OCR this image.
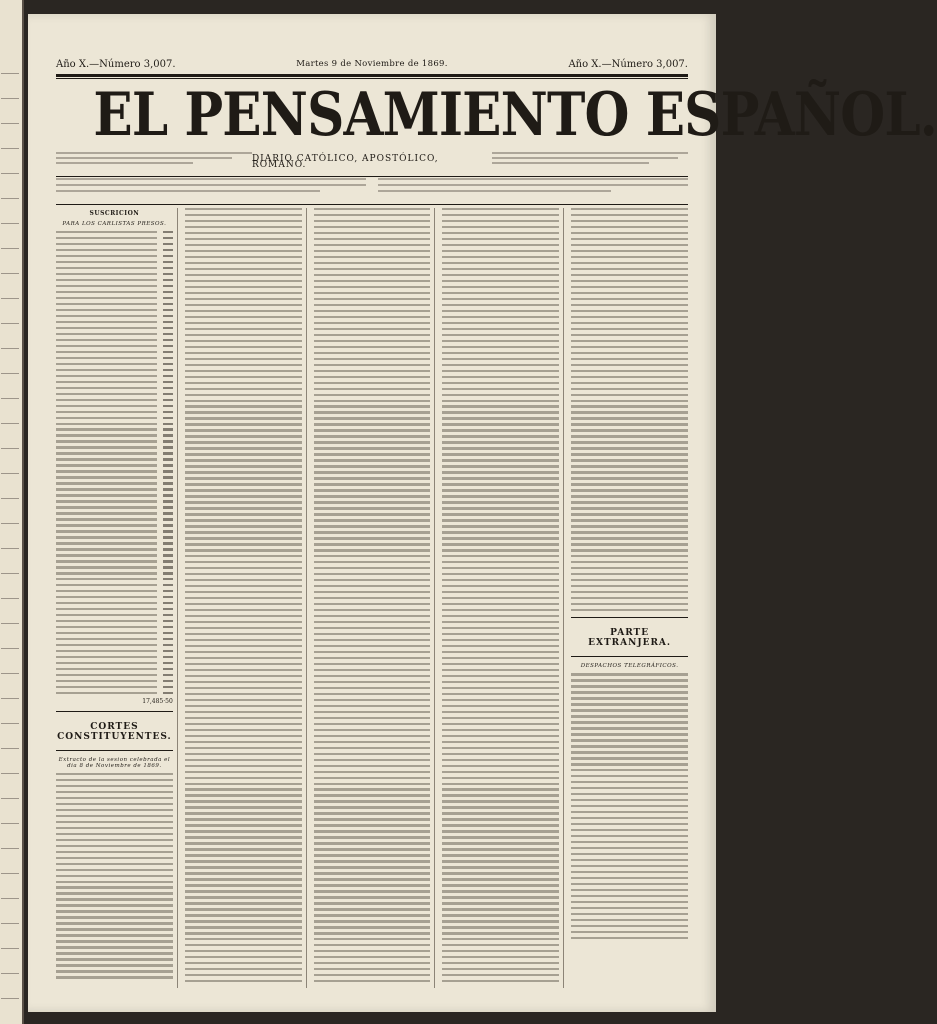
Año X.—Número 3,007.	Martes 9 de Noviembre de 1869.	Año X.—Número 3,007.
EL PENSAMIENTO ESPAÑOL.
DIARIO CATÓLICO, APOSTÓLICO, ROMANO.
SUSCRICION
PARA LOS CARLISTAS PRESOS.
17,485·50
CORTES CONSTITUYENTES.
Extracto de la sesion celebrada el dia 8 de Noviembre de 1869.
PARTE EXTRANJERA.
DESPACHOS TELEGRÁFICOS.
